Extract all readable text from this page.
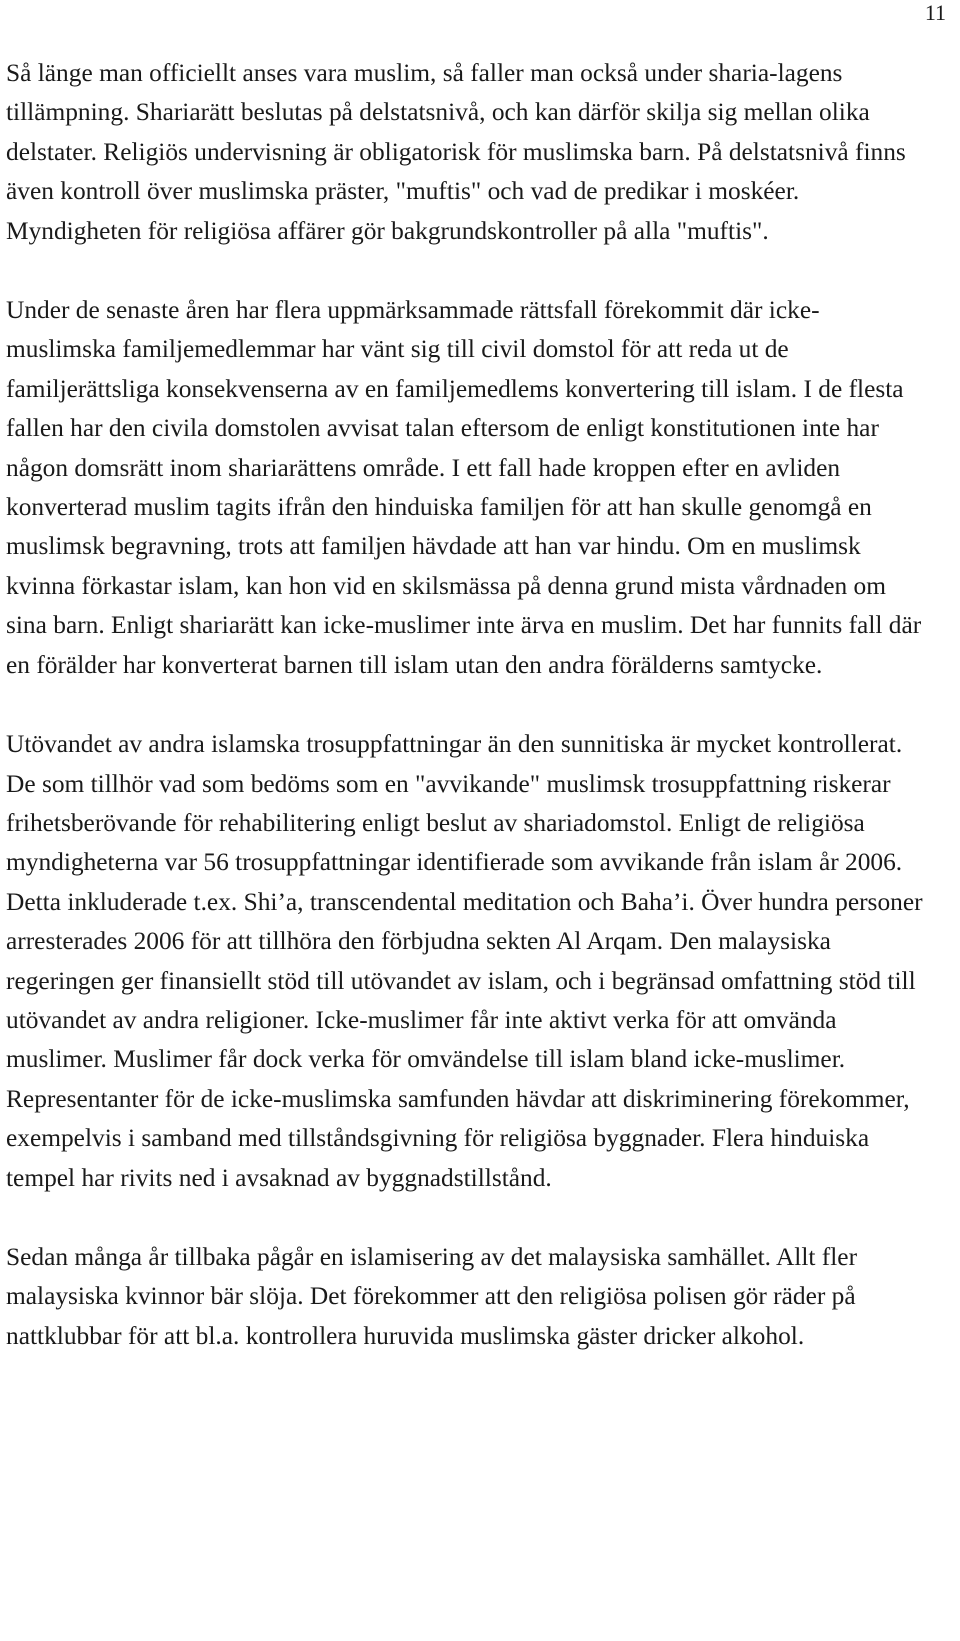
11

Så länge man officiellt anses vara muslim, så faller man också under sharia-lagens tillämpning. Shariarätt beslutas på delstatsnivå, och kan därför skilja sig mellan olika delstater. Religiös undervisning är obligatorisk för muslimska barn. På delstatsnivå finns även kontroll över muslimska präster, "muftis" och vad de predikar i moskéer. Myndigheten för religiösa affärer gör bakgrundskontroller på alla "muftis".

Under de senaste åren har flera uppmärksammade rättsfall förekommit där icke-muslimska familjemedlemmar har vänt sig till civil domstol för att reda ut de familjerättsliga konsekvenserna av en familjemedlems konvertering till islam. I de flesta fallen har den civila domstolen avvisat talan eftersom de enligt konstitutionen inte har någon domsrätt inom shariarättens område. I ett fall hade kroppen efter en avliden konverterad muslim tagits ifrån den hinduiska familjen för att han skulle genomgå en muslimsk begravning, trots att familjen hävdade att han var hindu. Om en muslimsk kvinna förkastar islam, kan hon vid en skilsmässa på denna grund mista vårdnaden om sina barn. Enligt shariarätt kan icke-muslimer inte ärva en muslim. Det har funnits fall där en förälder har konverterat barnen till islam utan den andra förälderns samtycke.

Utövandet av andra islamska trosuppfattningar än den sunnitiska är mycket kontrollerat. De som tillhör vad som bedöms som en "avvikande" muslimsk trosuppfattning riskerar frihetsberövande för rehabilitering enligt beslut av shariadomstol. Enligt de religiösa myndigheterna var 56 trosuppfattningar identifierade som avvikande från islam år 2006. Detta inkluderade t.ex. Shi’a, transcendental meditation och Baha’i. Över hundra personer arresterades 2006 för att tillhöra den förbjudna sekten Al Arqam. Den malaysiska regeringen ger finansiellt stöd till utövandet av islam, och i begränsad omfattning stöd till utövandet av andra religioner. Icke-muslimer får inte aktivt verka för att omvända muslimer. Muslimer får dock verka för omvändelse till islam bland icke-muslimer. Representanter för de icke-muslimska samfunden hävdar att diskriminering förekommer, exempelvis i samband med tillståndsgivning för religiösa byggnader. Flera hinduiska tempel har rivits ned i avsaknad av byggnadstillstånd.

Sedan många år tillbaka pågår en islamisering av det malaysiska samhället. Allt fler malaysiska kvinnor bär slöja. Det förekommer att den religiösa polisen gör räder på nattklubbar för att bl.a. kontrollera huruvida muslimska gäster dricker alkohol.
